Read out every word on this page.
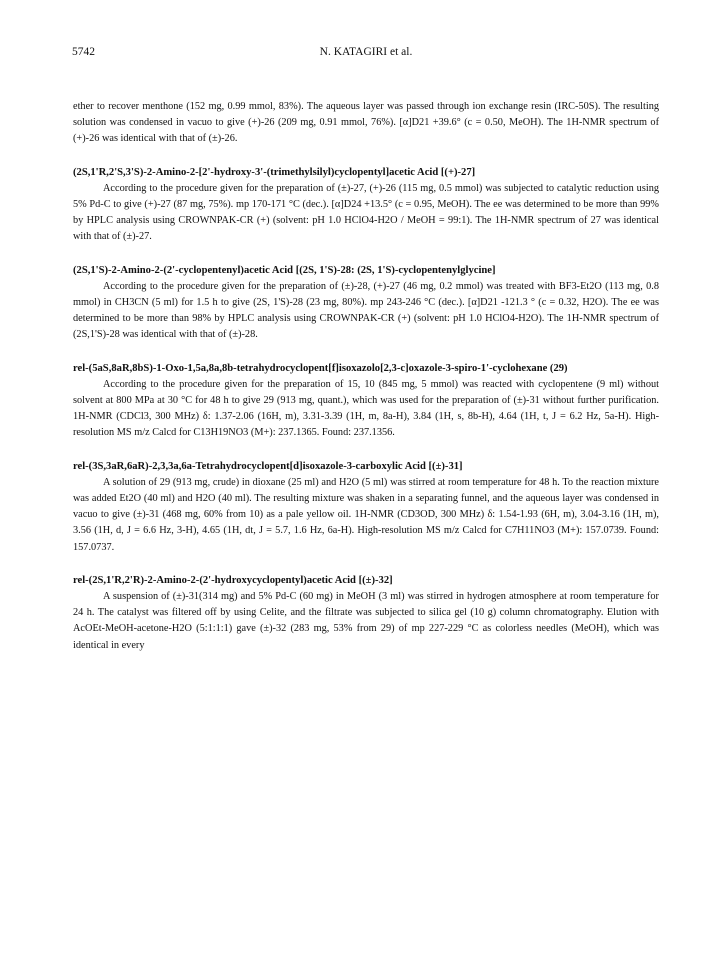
5742	N. KATAGIRI et al.

ether to recover menthone (152 mg, 0.99 mmol, 83%). The aqueous layer was passed through ion exchange resin (IRC-50S). The resulting solution was condensed in vacuo to give (+)-26 (209 mg, 0.91 mmol, 76%). [α]D21 +39.6° (c = 0.50, MeOH). The 1H-NMR spectrum of (+)-26 was identical with that of (±)-26.

(2S,1'R,2'S,3'S)-2-Amino-2-[2'-hydroxy-3'-(trimethylsilyl)cyclopentyl]acetic Acid [(+)-27]

According to the procedure given for the preparation of (±)-27, (+)-26 (115 mg, 0.5 mmol) was subjected to catalytic reduction using 5% Pd-C to give (+)-27 (87 mg, 75%). mp 170-171 °C (dec.). [α]D24 +13.5° (c = 0.95, MeOH). The ee was determined to be more than 99% by HPLC analysis using CROWNPAK-CR (+) (solvent: pH 1.0 HClO4-H2O / MeOH = 99:1). The 1H-NMR spectrum of 27 was identical with that of (±)-27.

(2S,1'S)-2-Amino-2-(2'-cyclopentenyl)acetic Acid [(2S, 1'S)-28: (2S, 1'S)-cyclopentenylglycine]

According to the procedure given for the preparation of (±)-28, (+)-27 (46 mg, 0.2 mmol) was treated with BF3-Et2O (113 mg, 0.8 mmol) in CH3CN (5 ml) for 1.5 h to give (2S, 1'S)-28 (23 mg, 80%). mp 243-246 °C (dec.). [α]D21 -121.3 ° (c = 0.32, H2O). The ee was determined to be more than 98% by HPLC analysis using CROWNPAK-CR (+) (solvent: pH 1.0 HClO4-H2O). The 1H-NMR spectrum of (2S,1'S)-28 was identical with that of (±)-28.

rel-(5aS,8aR,8bS)-1-Oxo-1,5a,8a,8b-tetrahydrocyclopent[f]isoxazolo[2,3-c]oxazole-3-spiro-1'-cyclohexane (29)

According to the procedure given for the preparation of 15, 10 (845 mg, 5 mmol) was reacted with cyclopentene (9 ml) without solvent at 800 MPa at 30 °C for 48 h to give 29 (913 mg, quant.), which was used for the preparation of (±)-31 without further purification. 1H-NMR (CDCl3, 300 MHz) δ: 1.37-2.06 (16H, m), 3.31-3.39 (1H, m, 8a-H), 3.84 (1H, s, 8b-H), 4.64 (1H, t, J = 6.2 Hz, 5a-H). High-resolution MS m/z Calcd for C13H19NO3 (M+): 237.1365. Found: 237.1356.

rel-(3S,3aR,6aR)-2,3,3a,6a-Tetrahydrocyclopent[d]isoxazole-3-carboxylic Acid [(±)-31]

A solution of 29 (913 mg, crude) in dioxane (25 ml) and H2O (5 ml) was stirred at room temperature for 48 h. To the reaction mixture was added Et2O (40 ml) and H2O (40 ml). The resulting mixture was shaken in a separating funnel, and the aqueous layer was condensed in vacuo to give (±)-31 (468 mg, 60% from 10) as a pale yellow oil. 1H-NMR (CD3OD, 300 MHz) δ: 1.54-1.93 (6H, m), 3.04-3.16 (1H, m), 3.56 (1H, d, J = 6.6 Hz, 3-H), 4.65 (1H, dt, J = 5.7, 1.6 Hz, 6a-H). High-resolution MS m/z Calcd for C7H11NO3 (M+): 157.0739. Found: 157.0737.

rel-(2S,1'R,2'R)-2-Amino-2-(2'-hydroxycyclopentyl)acetic Acid [(±)-32]

A suspension of (±)-31(314 mg) and 5% Pd-C (60 mg) in MeOH (3 ml) was stirred in hydrogen atmosphere at room temperature for 24 h. The catalyst was filtered off by using Celite, and the filtrate was subjected to silica gel (10 g) column chromatography. Elution with AcOEt-MeOH-acetone-H2O (5:1:1:1) gave (±)-32 (283 mg, 53% from 29) of mp 227-229 °C as colorless needles (MeOH), which was identical in every
